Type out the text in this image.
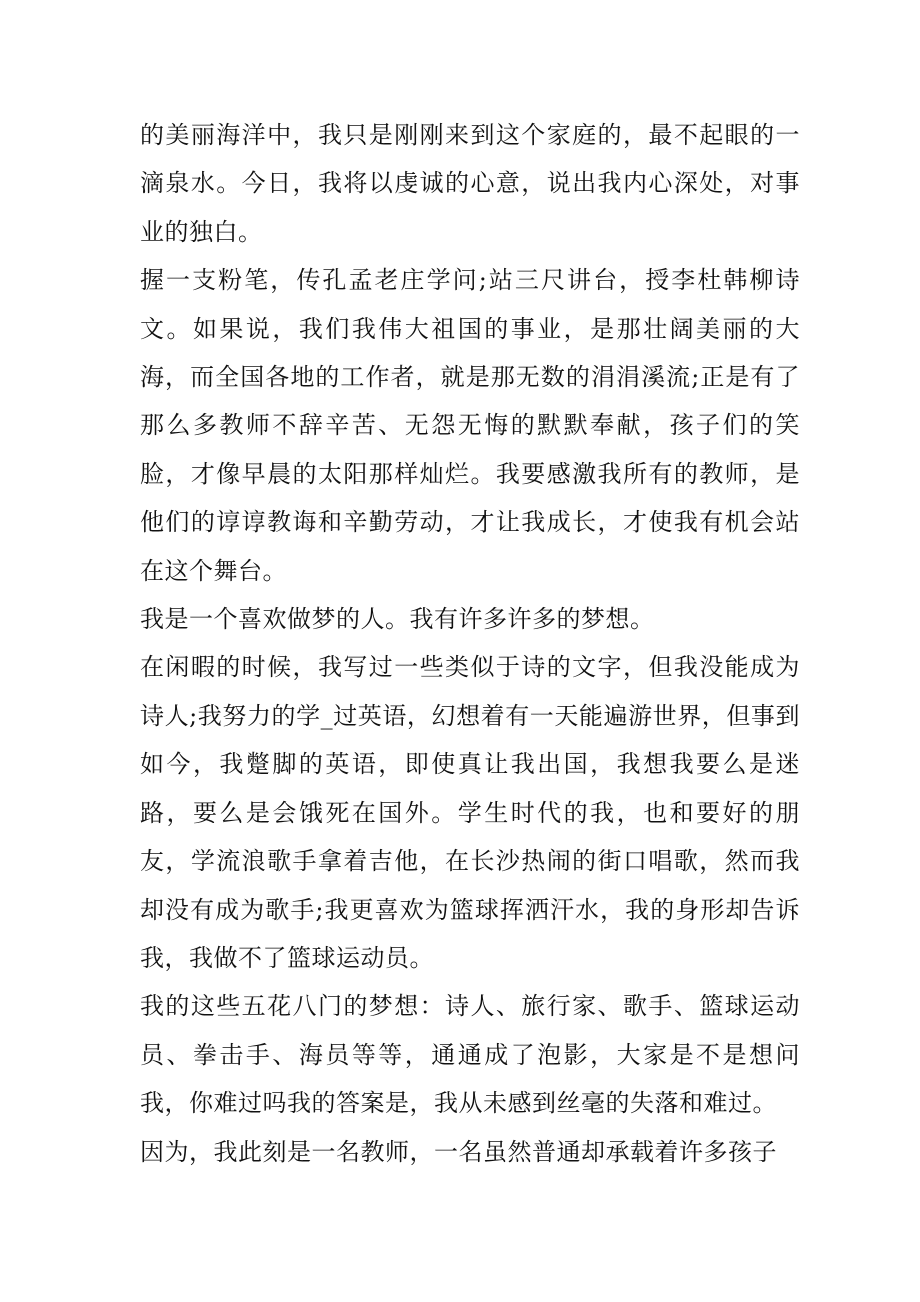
的美丽海洋中，我只是刚刚来到这个家庭的，最不起眼的一滴泉水。今日，我将以虔诚的心意，说出我内心深处，对事业的独白。

握一支粉笔，传孔孟老庄学问;站三尺讲台，授李杜韩柳诗文。如果说，我们我伟大祖国的事业，是那壮阔美丽的大海，而全国各地的工作者，就是那无数的涓涓溪流;正是有了那么多教师不辞辛苦、无怨无悔的默默奉献，孩子们的笑脸，才像早晨的太阳那样灿烂。我要感激我所有的教师，是他们的谆谆教诲和辛勤劳动，才让我成长，才使我有机会站在这个舞台。

我是一个喜欢做梦的人。我有许多许多的梦想。

在闲暇的时候，我写过一些类似于诗的文字，但我没能成为诗人;我努力的学_过英语，幻想着有一天能遍游世界，但事到如今，我蹩脚的英语，即使真让我出国，我想我要么是迷路，要么是会饿死在国外。学生时代的我，也和要好的朋友，学流浪歌手拿着吉他，在长沙热闹的街口唱歌，然而我却没有成为歌手;我更喜欢为篮球挥洒汗水，我的身形却告诉我，我做不了篮球运动员。

我的这些五花八门的梦想：诗人、旅行家、歌手、篮球运动员、拳击手、海员等等，通通成了泡影，大家是不是想问我，你难过吗我的答案是，我从未感到丝毫的失落和难过。

因为，我此刻是一名教师，一名虽然普通却承载着许多孩子
